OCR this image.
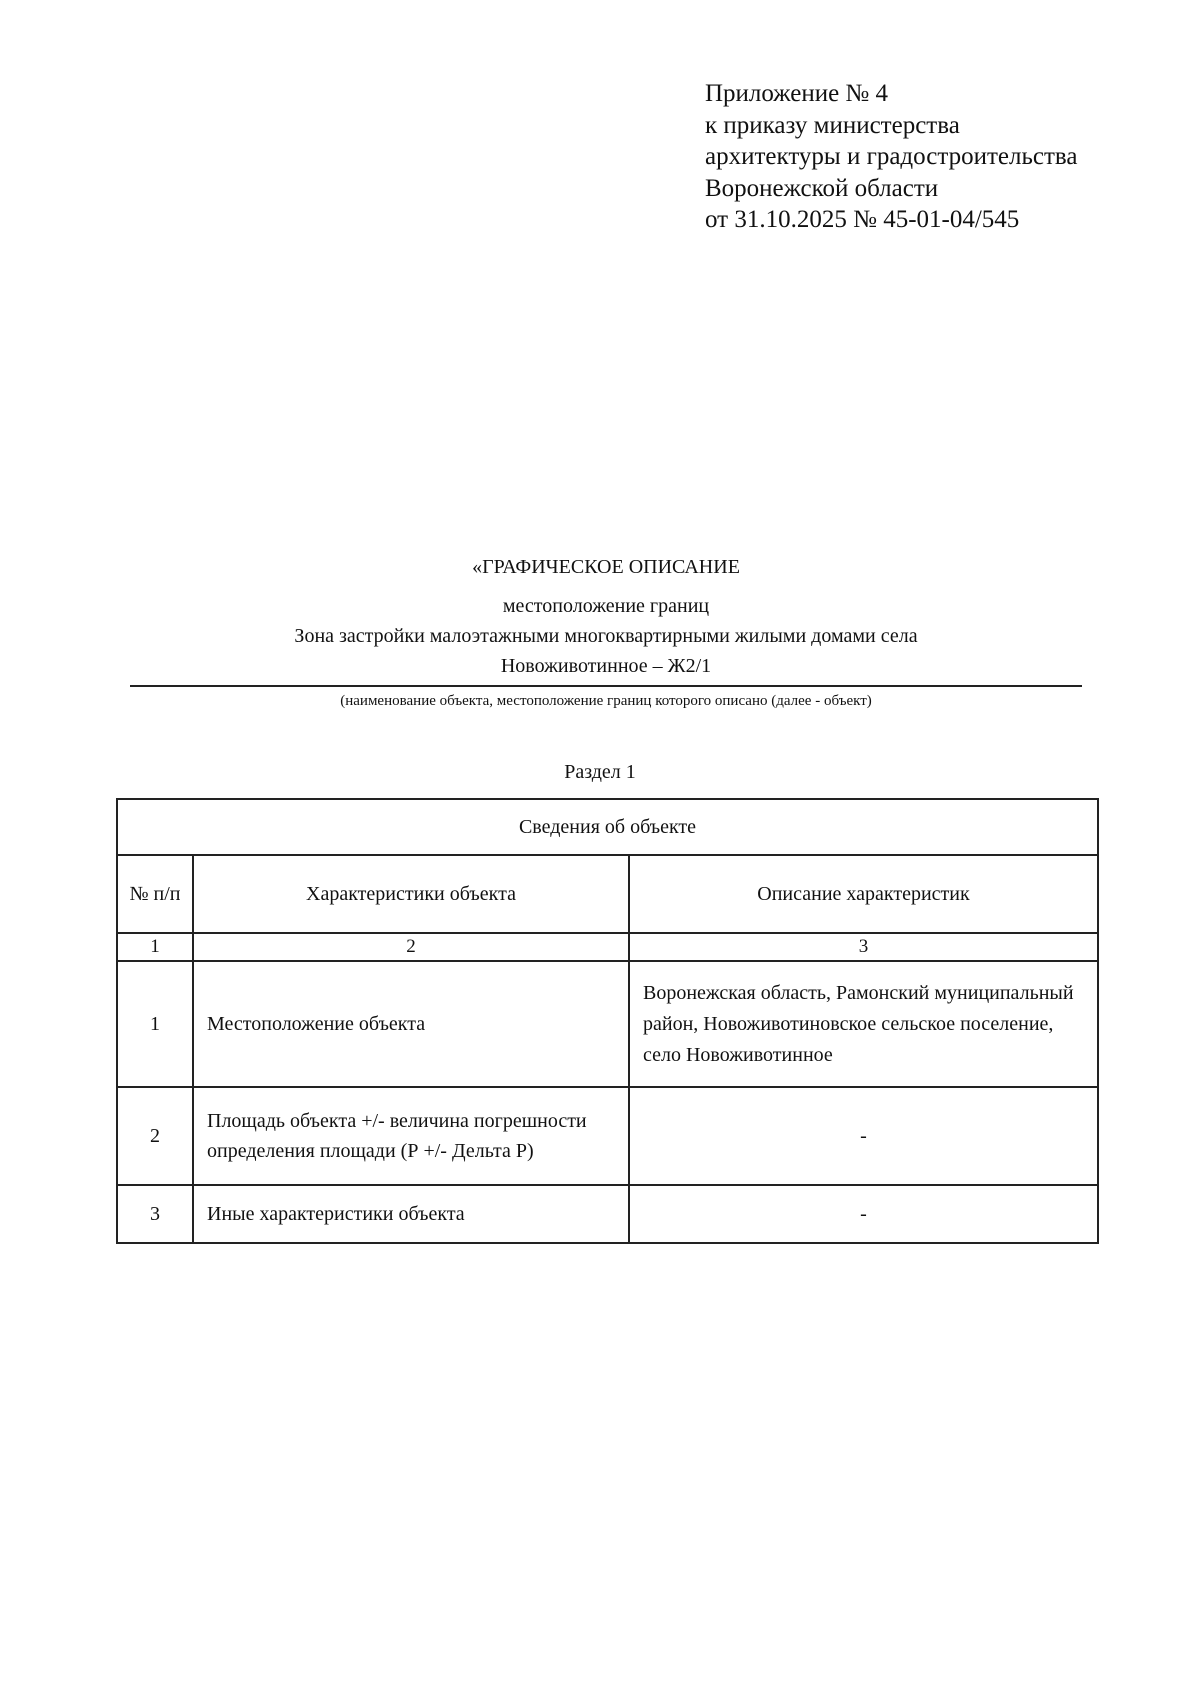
Приложение № 4
к приказу министерства
архитектуры и градостроительства
Воронежской области
от 31.10.2025 № 45-01-04/545
«ГРАФИЧЕСКОЕ ОПИСАНИЕ
местоположение границ
Зона застройки малоэтажными многоквартирными жилыми домами села
Новоживотинное – Ж2/1
(наименование объекта, местоположение границ которого описано (далее - объект)
Раздел 1
Сведения об объекте		
№ п/п	Характеристики объекта	Описание характеристик
1	2	3
1	Местоположение объекта	Воронежская область, Рамонский муниципальный район, Новоживотиновское сельское поселение, село Новоживотинное
2	Площадь объекта +/- величина погрешности определения площади (Р +/- Дельта Р)	-
3	Иные характеристики объекта	-
